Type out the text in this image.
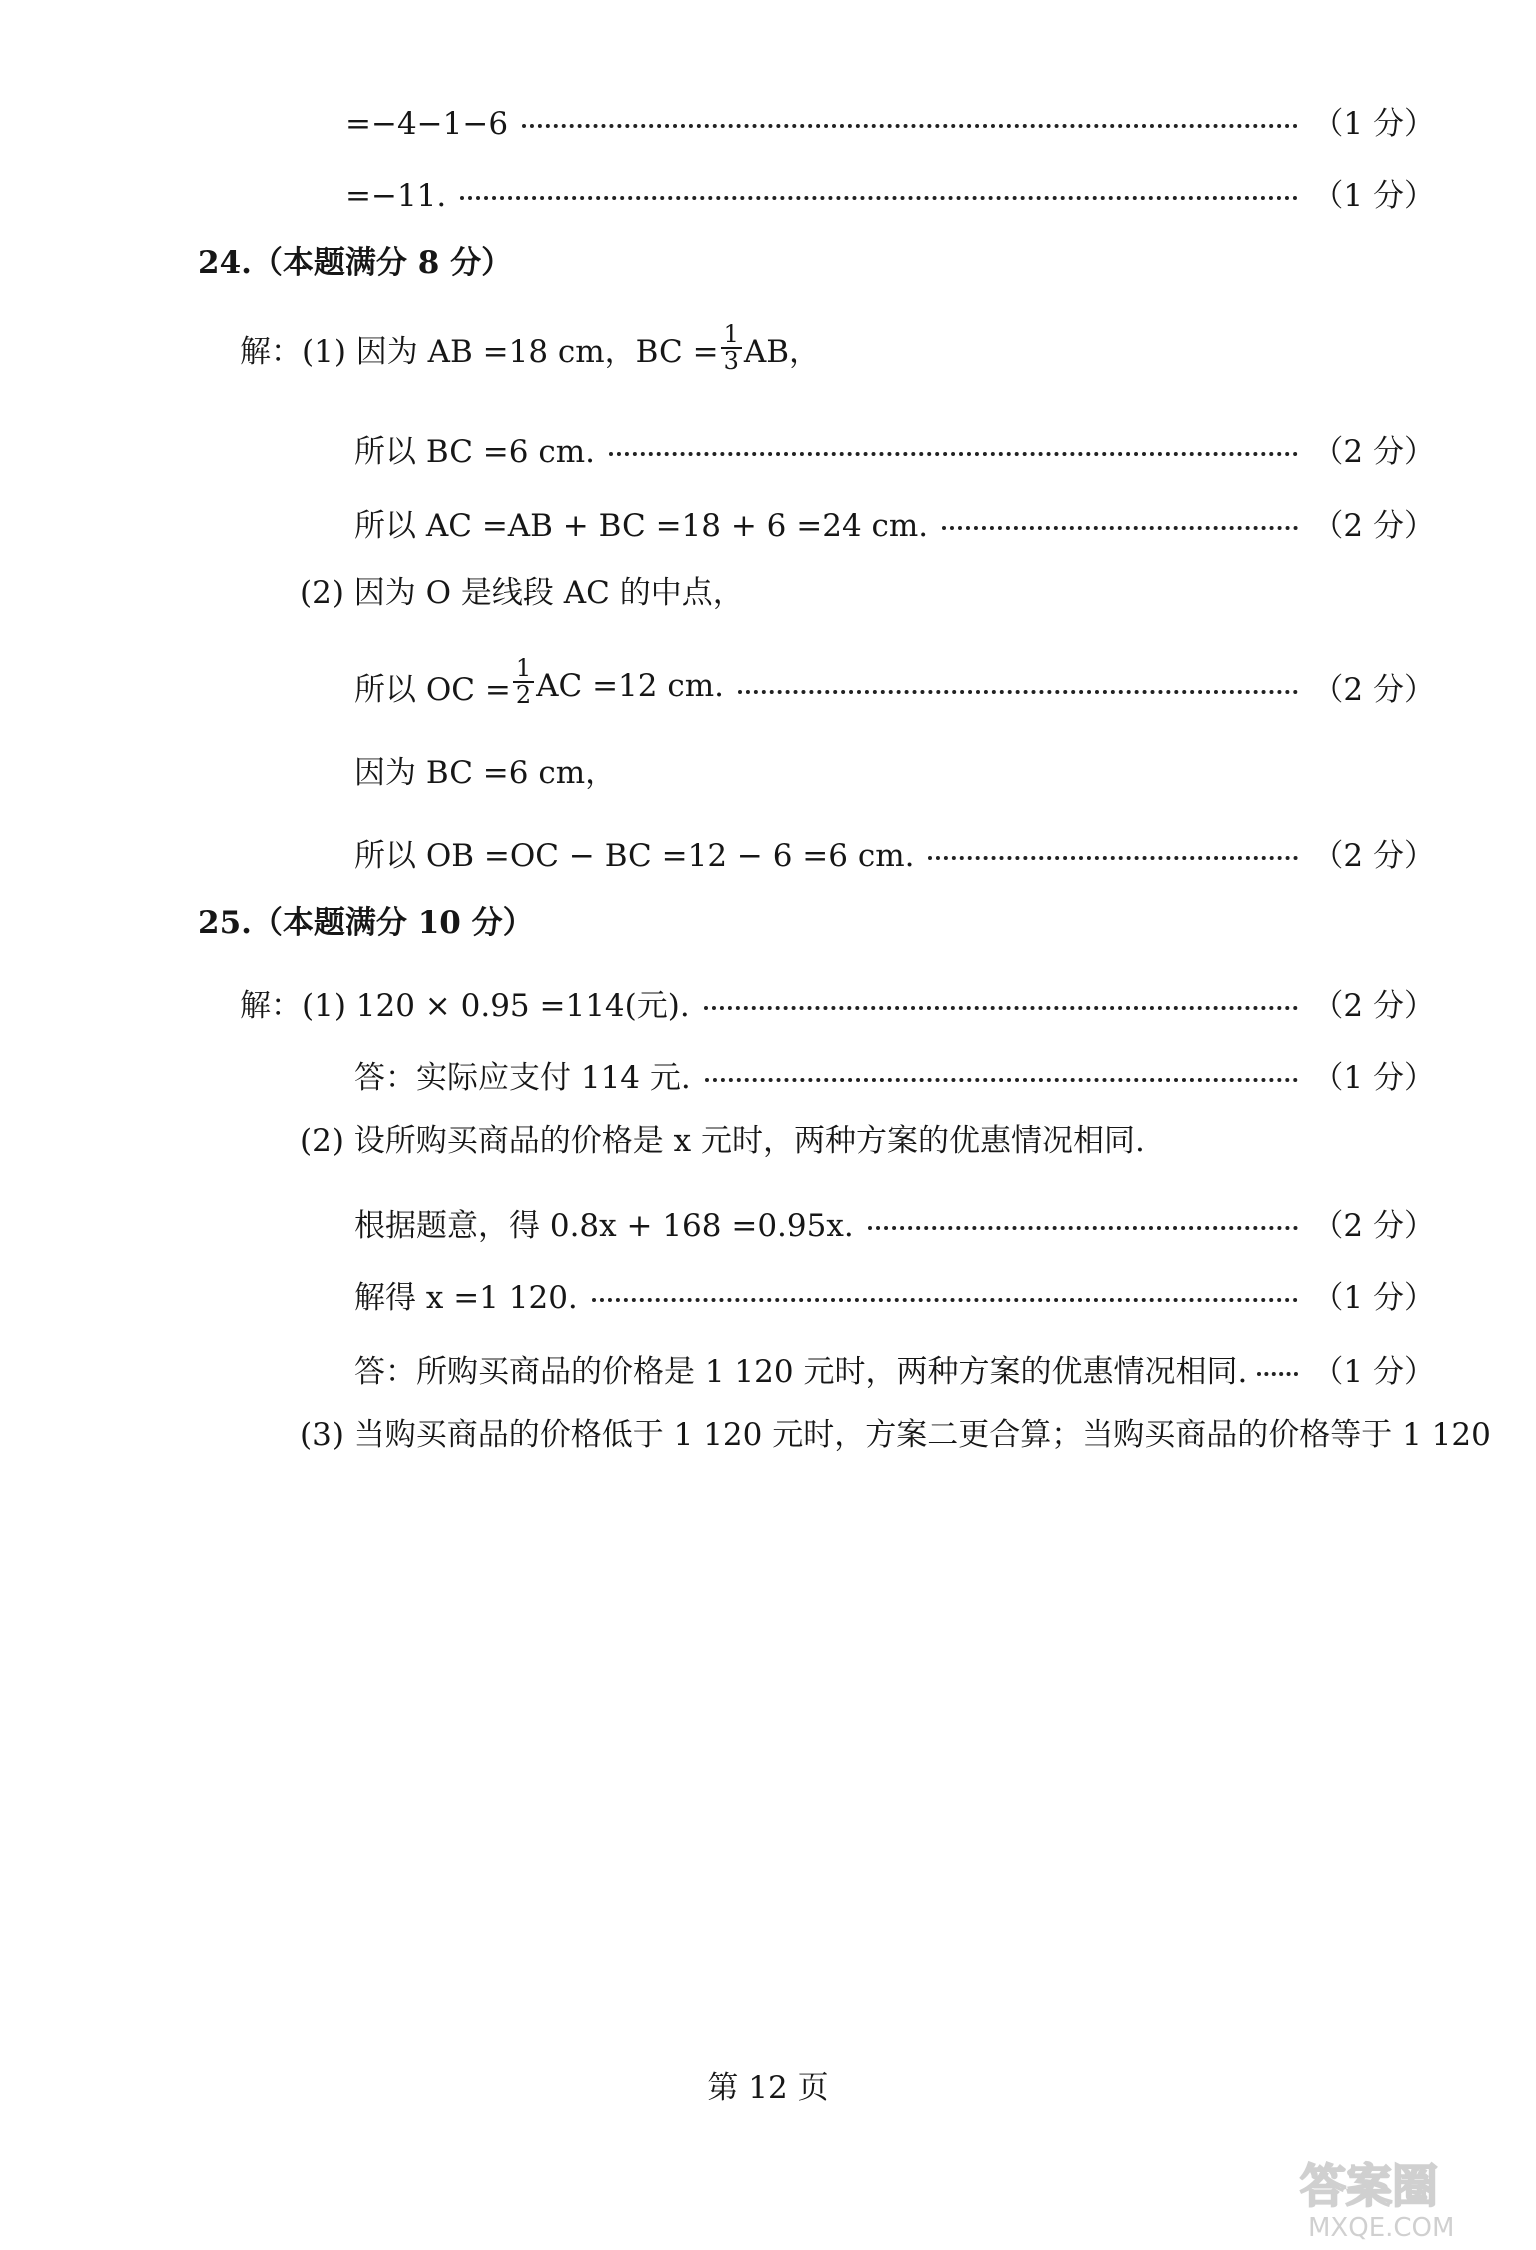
=−4−1−6	（1 分）
=−11.	（1 分）
24.（本题满分 8 分）
解：(1) 因为 AB =18 cm，BC = $\frac{1}{3}$ AB，
所以 BC =6 cm.	（2 分）
所以 AC =AB + BC =18 + 6 =24 cm.	（2 分）
(2) 因为 O 是线段 AC 的中点，
所以 OC = $\frac{1}{2}$ AC =12 cm.	（2 分）
因为 BC =6 cm，
所以 OB =OC − BC =12 − 6 =6 cm.	（2 分）
25.（本题满分 10 分）
解：(1) 120 × 0.95 =114(元).	（2 分）
答：实际应支付 114 元.	（1 分）
(2) 设所购买商品的价格是 x 元时，两种方案的优惠情况相同.
根据题意，得 0.8x + 168 =0.95x.	（2 分）
解得 x =1 120.	（1 分）
答：所购买商品的价格是 1 120 元时，两种方案的优惠情况相同. （1 分）
(3) 当购买商品的价格低于 1 120 元时，方案二更合算；当购买商品的价格等于 1 120
第 12 页
答案圈
MXQE.COM
